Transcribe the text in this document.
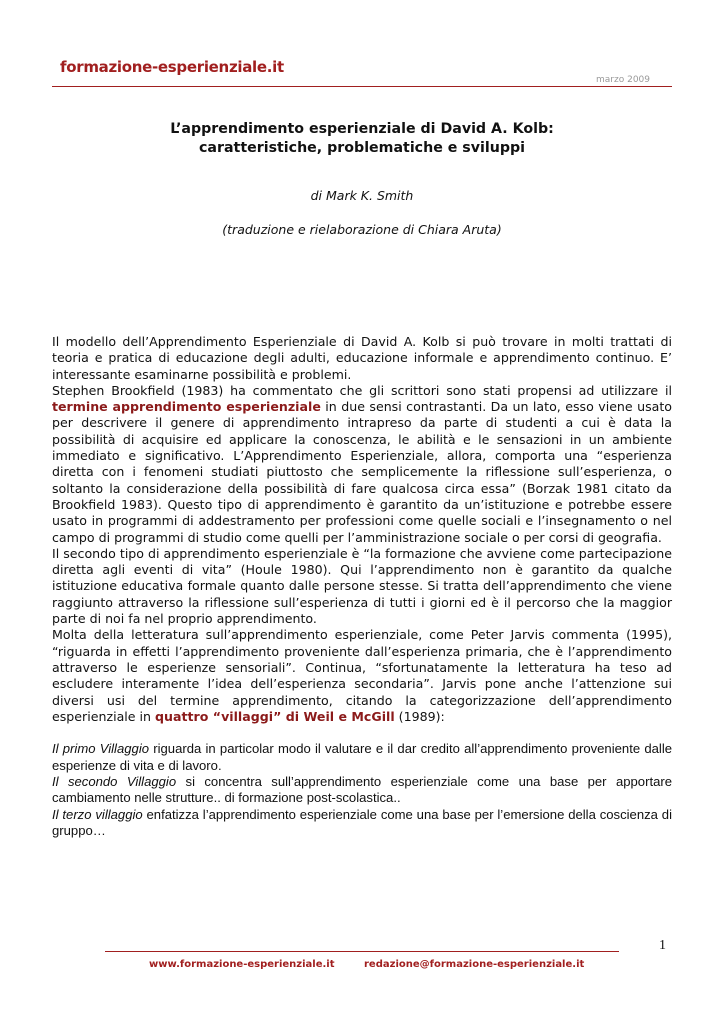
formazione-esperienziale.it
marzo 2009
L’apprendimento esperienziale di David A. Kolb:
caratteristiche, problematiche e sviluppi
di Mark K. Smith
(traduzione e rielaborazione di Chiara Aruta)

Il modello dell’Apprendimento Esperienziale di David A. Kolb si può trovare in molti trattati di teoria e pratica di educazione degli adulti, educazione informale e apprendimento continuo. E’ interessante esaminarne possibilità e problemi.

Stephen Brookfield (1983) ha commentato che gli scrittori sono stati propensi ad utilizzare il termine apprendimento esperienziale in due sensi contrastanti. Da un lato, esso viene usato per descrivere il genere di apprendimento intrapreso da parte di studenti a cui è data la possibilità di acquisire ed applicare la conoscenza, le abilità e le sensazioni in un ambiente immediato e significativo. L’Apprendimento Esperienziale, allora, comporta una “esperienza diretta con i fenomeni studiati piuttosto che semplicemente la riflessione sull’esperienza, o soltanto la considerazione della possibilità di fare qualcosa circa essa” (Borzak 1981 citato da Brookfield 1983). Questo tipo di apprendimento è garantito da un’istituzione e potrebbe essere usato in programmi di addestramento per professioni come quelle sociali e l’insegnamento o nel campo di programmi di studio come quelli per l’amministrazione sociale o per corsi di geografia.

Il secondo tipo di apprendimento esperienziale è “la formazione che avviene come partecipazione diretta agli eventi di vita” (Houle 1980). Qui l’apprendimento non è garantito da qualche istituzione educativa formale quanto dalle persone stesse. Si tratta dell’apprendimento che viene raggiunto attraverso la riflessione sull’esperienza di tutti i giorni ed è il percorso che la maggior parte di noi fa nel proprio apprendimento.

Molta della letteratura sull’apprendimento esperienziale, come Peter Jarvis commenta (1995), “riguarda in effetti l’apprendimento proveniente dall’esperienza primaria, che è l’apprendimento attraverso le esperienze sensoriali”. Continua, “sfortunatamente la letteratura ha teso ad escludere interamente l’idea dell’esperienza secondaria”. Jarvis pone anche l’attenzione sui diversi usi del termine apprendimento, citando la categorizzazione dell’apprendimento esperienziale in quattro “villaggi” di Weil e McGill (1989):

Il primo Villaggio riguarda in particolar modo il valutare e il dar credito all’apprendimento proveniente dalle esperienze di vita e di lavoro.

Il secondo Villaggio si concentra sull’apprendimento esperienziale come una base per apportare cambiamento nelle strutture.. di formazione post-scolastica..

Il terzo villaggio enfatizza l’apprendimento esperienziale come una base per l’emersione della coscienza di gruppo…

1
www.formazione-esperienziale.it	redazione@formazione-esperienziale.it
